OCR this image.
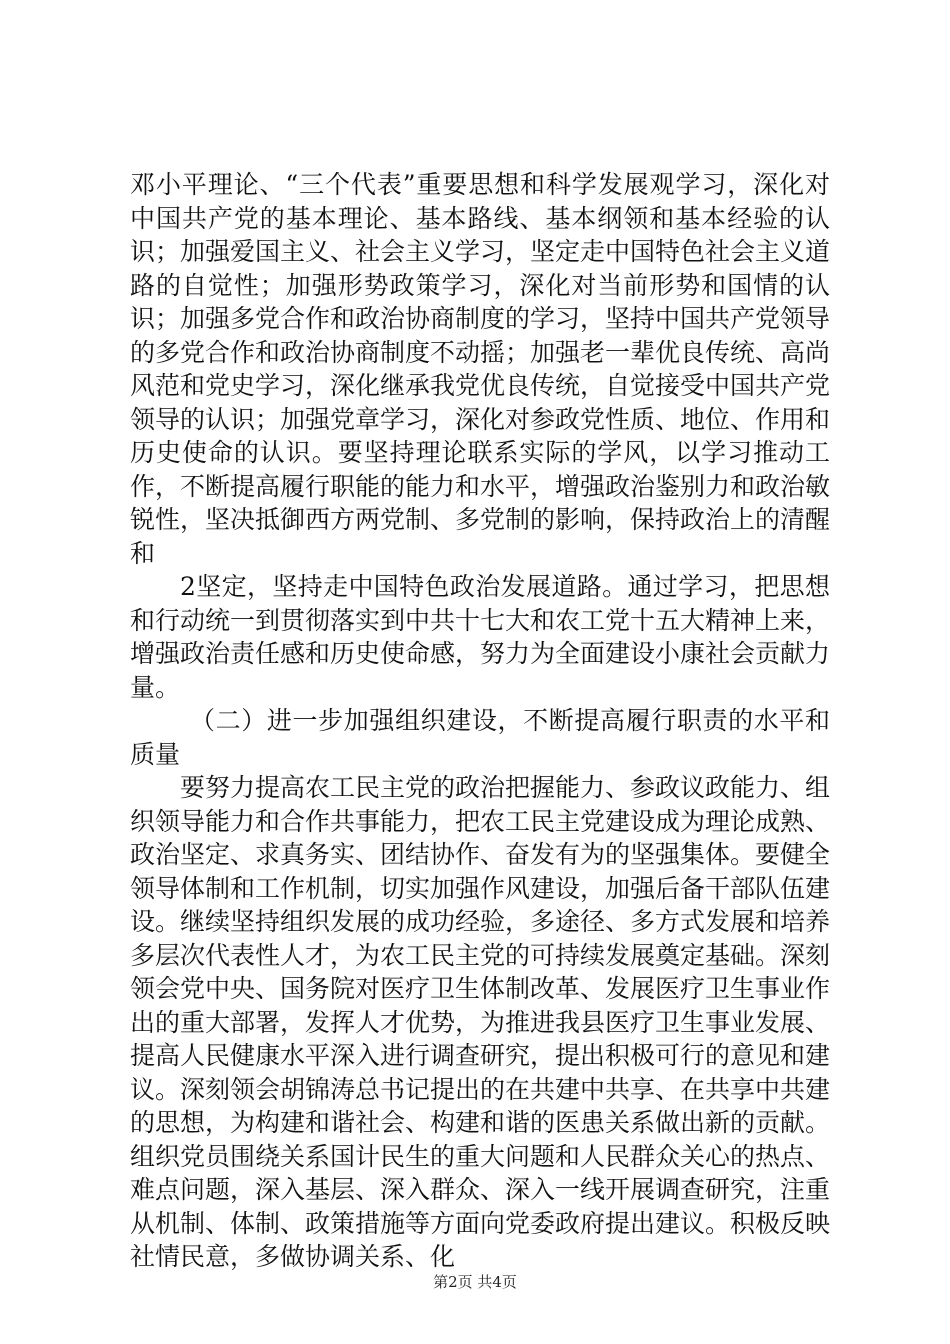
邓小平理论、“三个代表”重要思想和科学发展观学习，深化对中国共产党的基本理论、基本路线、基本纲领和基本经验的认识；加强爱国主义、社会主义学习，坚定走中国特色社会主义道路的自觉性；加强形势政策学习，深化对当前形势和国情的认识；加强多党合作和政治协商制度的学习，坚持中国共产党领导的多党合作和政治协商制度不动摇；加强老一辈优良传统、高尚风范和党史学习，深化继承我党优良传统，自觉接受中国共产党领导的认识；加强党章学习，深化对参政党性质、地位、作用和历史使命的认识。要坚持理论联系实际的学风，以学习推动工作，不断提高履行职能的能力和水平，增强政治鉴别力和政治敏锐性，坚决抵御西方两党制、多党制的影响，保持政治上的清醒和

2坚定，坚持走中国特色政治发展道路。通过学习，把思想和行动统一到贯彻落实到中共十七大和农工党十五大精神上来，增强政治责任感和历史使命感，努力为全面建设小康社会贡献力量。

（二）进一步加强组织建设，不断提高履行职责的水平和质量

要努力提高农工民主党的政治把握能力、参政议政能力、组织领导能力和合作共事能力，把农工民主党建设成为理论成熟、政治坚定、求真务实、团结协作、奋发有为的坚强集体。要健全领导体制和工作机制，切实加强作风建设，加强后备干部队伍建设。继续坚持组织发展的成功经验，多途径、多方式发展和培养多层次代表性人才，为农工民主党的可持续发展奠定基础。深刻领会党中央、国务院对医疗卫生体制改革、发展医疗卫生事业作出的重大部署，发挥人才优势，为推进我县医疗卫生事业发展、提高人民健康水平深入进行调查研究，提出积极可行的意见和建议。深刻领会胡锦涛总书记提出的在共建中共享、在共享中共建的思想，为构建和谐社会、构建和谐的医患关系做出新的贡献。组织党员围绕关系国计民生的重大问题和人民群众关心的热点、难点问题，深入基层、深入群众、深入一线开展调查研究，注重从机制、体制、政策措施等方面向党委政府提出建议。积极反映社情民意，多做协调关系、化

第2页 共4页
